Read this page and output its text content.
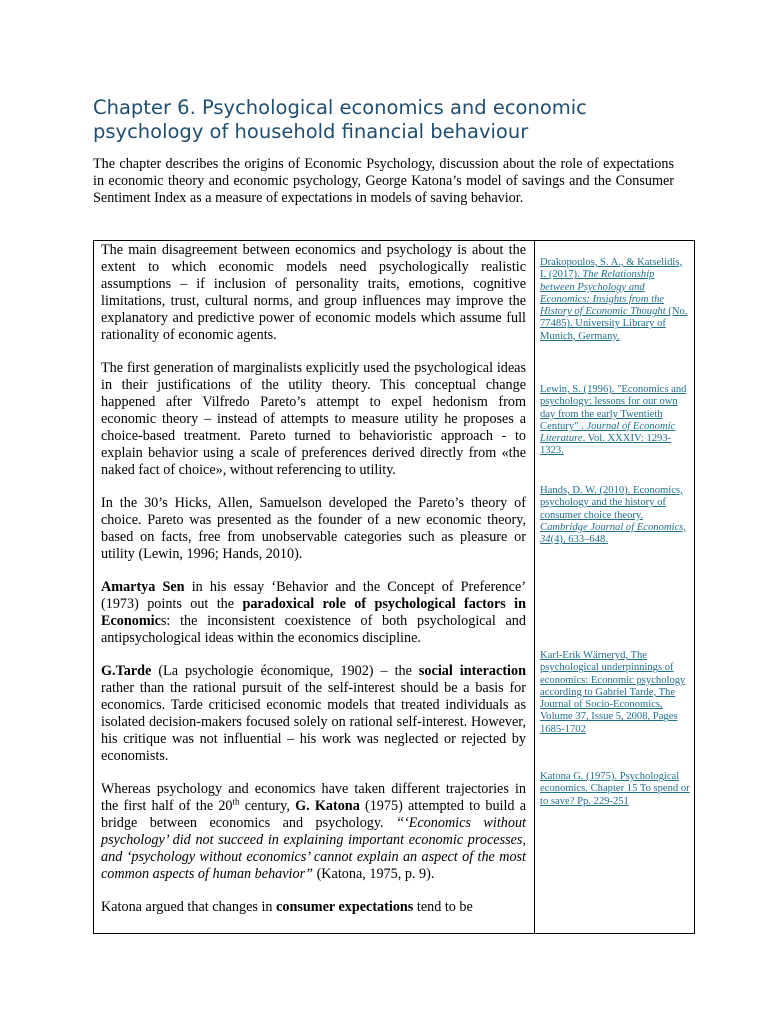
Chapter 6. Psychological economics and economic psychology of household financial behaviour

The chapter describes the origins of Economic Psychology, discussion about the role of expectations in economic theory and economic psychology, George Katona’s model of savings and the Consumer Sentiment Index as a measure of expectations in models of saving behavior.

The main disagreement between economics and psychology is about the extent to which economic models need psychologically realistic assumptions – if inclusion of personality traits, emotions, cognitive limitations, trust, cultural norms, and group influences may improve the explanatory and predictive power of economic models which assume full rationality of economic agents.

The first generation of marginalists explicitly used the psychological ideas in their justifications of the utility theory. This conceptual change happened after Vilfredo Pareto’s attempt to expel hedonism from economic theory – instead of attempts to measure utility he proposes a choice-based treatment. Pareto turned to behavioristic approach - to explain behavior using a scale of preferences derived directly from «the naked fact of choice», without referencing to utility.

In the 30’s Hicks, Allen, Samuelson developed the Pareto’s theory of choice. Pareto was presented as the founder of a new economic theory, based on facts, free from unobservable categories such as pleasure or utility (Lewin, 1996; Hands, 2010).

Amartya Sen in his essay ‘Behavior and the Concept of Preference’ (1973) points out the paradoxical role of psychological factors in Economics: the inconsistent coexistence of both psychological and antipsychological ideas within the economics discipline.

G.Tarde (La psychologie économique, 1902) – the social interaction rather than the rational pursuit of the self-interest should be a basis for economics. Tarde criticised economic models that treated individuals as isolated decision-makers focused solely on rational self-interest. However, his critique was not influential – his work was neglected or rejected by economists.

Whereas psychology and economics have taken different trajectories in the first half of the 20th century, G. Katona (1975) attempted to build a bridge between economics and psychology. “‘Economics without psychology’ did not succeed in explaining important economic processes, and ‘psychology without economics’ cannot explain an aspect of the most common aspects of human behavior” (Katona, 1975, p. 9).

Katona argued that changes in consumer expectations tend to be

Drakopoulos, S. A., & Katselidis, I. (2017). The Relationship between Psychology and Economics: Insights from the History of Economic Thought (No. 77485). University Library of Munich, Germany.

Lewin, S. (1996). "Economics and psychology: lessons for our own day from the early Twentieth Century" . Journal of Economic Literature. Vol. XXXIV: 1293-1323.

Hands, D. W. (2010). Economics, psychology and the history of consumer choice theory. Cambridge Journal of Economics, 34(4), 633–648.

Karl-Erik Wärneryd, The psychological underpinnings of economics: Economic psychology according to Gabriel Tarde, The Journal of Socio-Economics, Volume 37, Issue 5, 2008, Pages 1685-1702

Katona G. (1975). Psychological economics. Chapter 15 To spend or to save? Pp. 229-251
